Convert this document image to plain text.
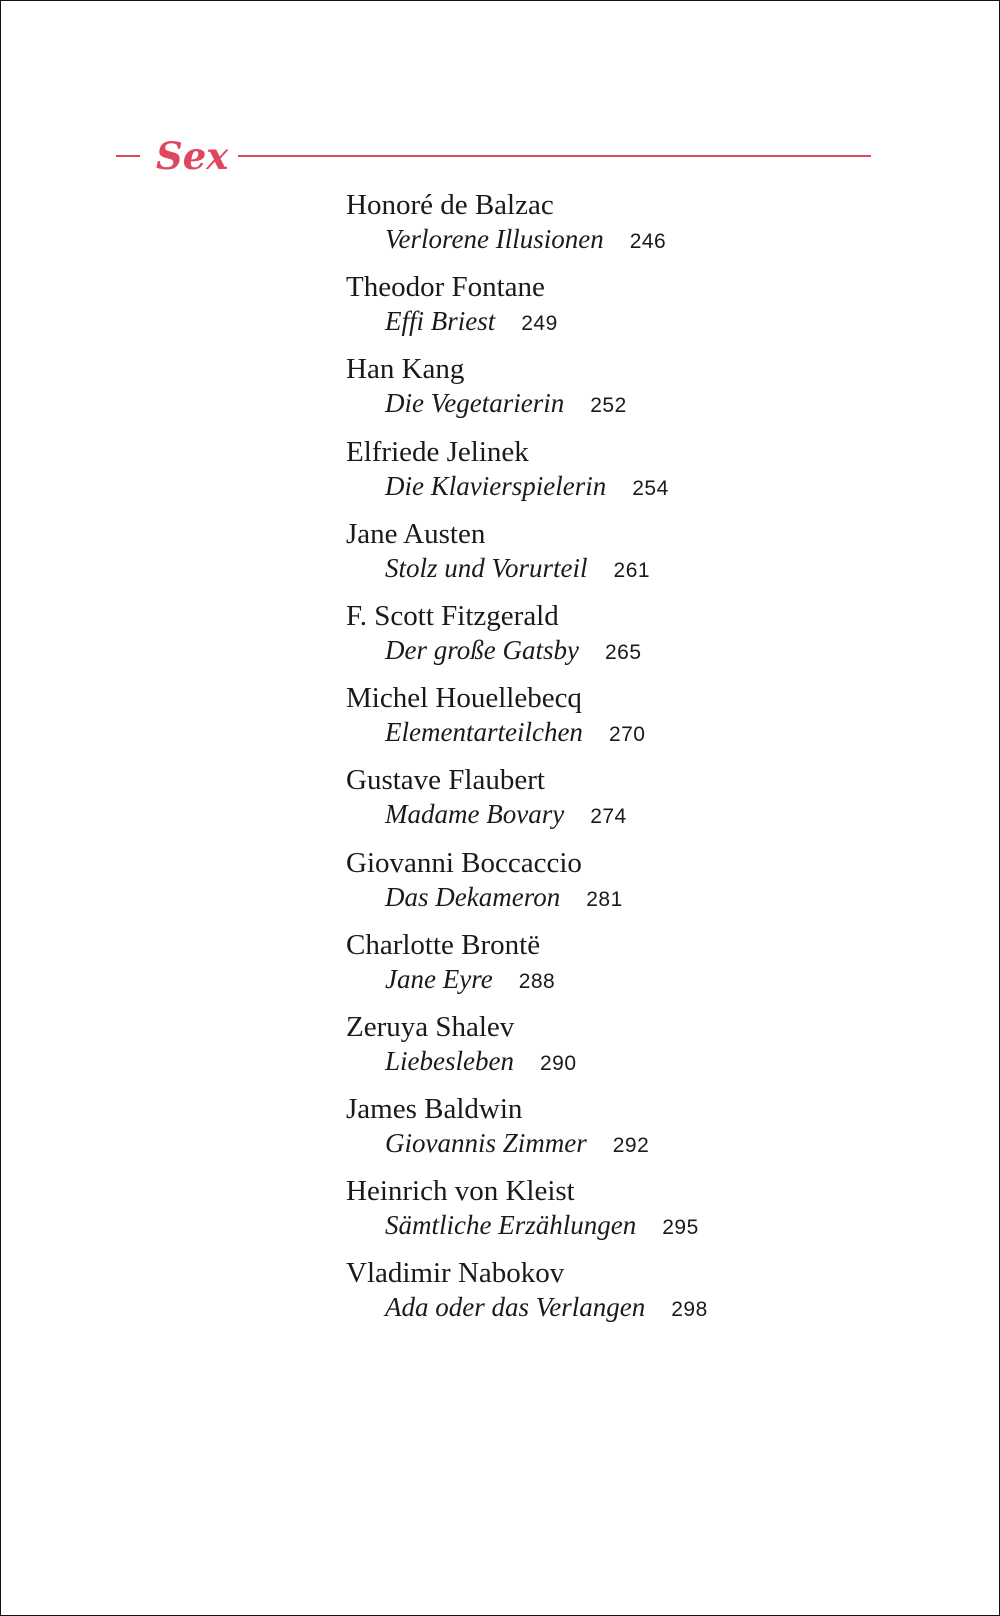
Sex
Honoré de Balzac
Verlorene Illusionen 246
Theodor Fontane
Effi Briest 249
Han Kang
Die Vegetarierin 252
Elfriede Jelinek
Die Klavierspielerin 254
Jane Austen
Stolz und Vorurteil 261
F. Scott Fitzgerald
Der große Gatsby 265
Michel Houellebecq
Elementarteilchen 270
Gustave Flaubert
Madame Bovary 274
Giovanni Boccaccio
Das Dekameron 281
Charlotte Brontë
Jane Eyre 288
Zeruya Shalev
Liebesleben 290
James Baldwin
Giovannis Zimmer 292
Heinrich von Kleist
Sämtliche Erzählungen 295
Vladimir Nabokov
Ada oder das Verlangen 298
